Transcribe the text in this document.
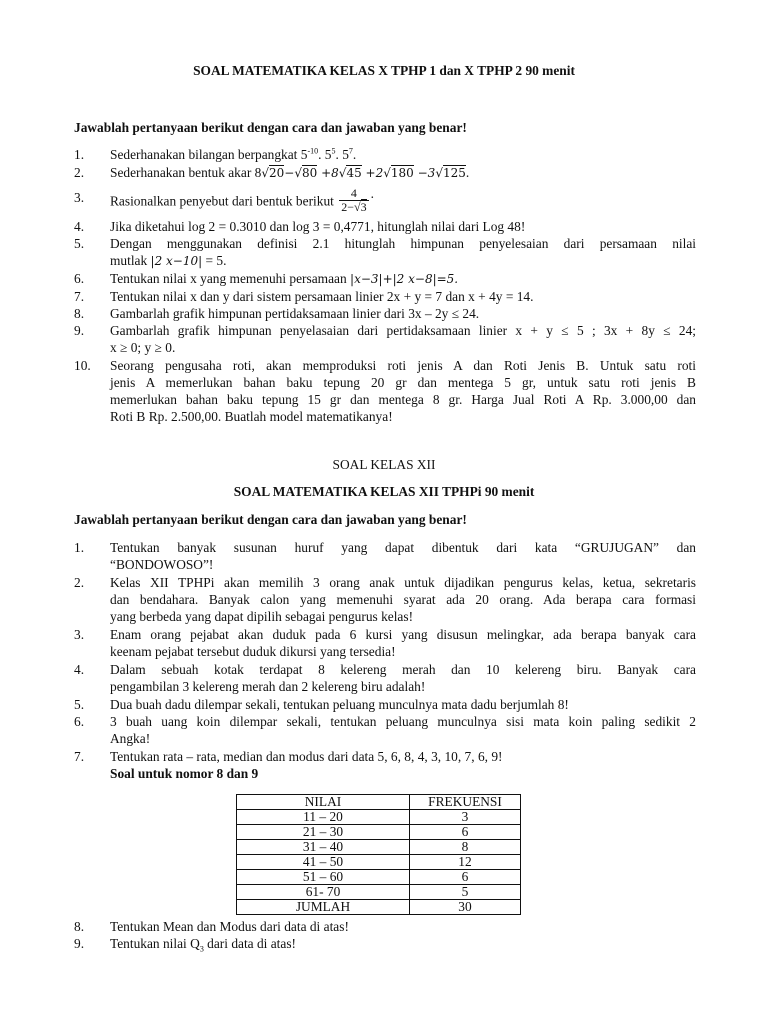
SOAL MATEMATIKA KELAS X TPHP 1 dan X TPHP 2 90 menit
Jawablah pertanyaan berikut dengan cara dan jawaban yang benar!
1.	Sederhanakan bilangan berpangkat $5^{-10}$. $5^5$. $5^7$.
2.	Sederhanakan bentuk akar 8√20−√80 +8√45 +2√180 −3√125.
3.	Rasionalkan penyebut dari bentuk berikut $\frac{4}{2-√3}$ .
4.	Jika diketahui log 2 = 0.3010 dan log 3 = 0,4771, hitunglah nilai dari Log 48!
5.	Dengan menggunakan definisi 2.1 hitunglah himpunan penyelesaian dari persamaan nilai
mutlak |2 x−10| = 5.
6.	Tentukan nilai x yang memenuhi persamaan |x−3|+|2 x−8|=5.
7.	Tentukan nilai x dan y dari sistem persamaan linier 2x + y = 7 dan x + 4y = 14.
8.	Gambarlah grafik himpunan pertidaksamaan linier dari 3x – 2y ≤ 24.
9.	Gambarlah grafik himpunan penyelasaian dari pertidaksamaan linier x + y ≤ 5 ; 3x + 8y ≤ 24;
x ≥ 0; y ≥ 0.
10.	Seorang pengusaha roti, akan memproduksi roti jenis A dan Roti Jenis B. Untuk satu roti
jenis A memerlukan bahan baku tepung 20 gr dan mentega 5 gr, untuk satu roti jenis B
memerlukan bahan baku tepung 15 gr dan mentega 8 gr. Harga Jual Roti A Rp. 3.000,00 dan
Roti B Rp. 2.500,00. Buatlah model matematikanya!
SOAL KELAS XII
SOAL MATEMATIKA KELAS XII TPHPi 90 menit
Jawablah pertanyaan berikut dengan cara dan jawaban yang benar!
1.	Tentukan banyak susunan huruf yang dapat dibentuk dari kata “GRUJUGAN” dan
“BONDOWOSO”!
2.	Kelas XII TPHPi akan memilih 3 orang anak untuk dijadikan pengurus kelas, ketua, sekretaris
dan bendahara. Banyak calon yang memenuhi syarat ada 20 orang. Ada berapa cara formasi
yang berbeda yang dapat dipilih sebagai pengurus kelas!
3.	Enam orang pejabat akan duduk pada 6 kursi yang disusun melingkar, ada berapa banyak cara
keenam pejabat tersebut duduk dikursi yang tersedia!
4.	Dalam sebuah kotak terdapat 8 kelereng merah dan 10 kelereng biru. Banyak cara
pengambilan 3 kelereng merah dan 2 kelereng biru adalah!
5.	Dua buah dadu dilempar sekali, tentukan peluang munculnya mata dadu berjumlah 8!
6.	3 buah uang koin dilempar sekali, tentukan peluang munculnya sisi mata koin paling sedikit 2
Angka!
7.	Tentukan rata – rata, median dan modus dari data 5, 6, 8, 4, 3, 10, 7, 6, 9!
Soal untuk nomor 8 dan 9
NILAI	FREKUENSI
11 – 20	3
21 – 30	6
31 – 40	8
41 – 50	12
51 – 60	6
61- 70	5
JUMLAH	30
8.	Tentukan Mean dan Modus dari data di atas!
9.	Tentukan nilai $Q_3$ dari data di atas!
